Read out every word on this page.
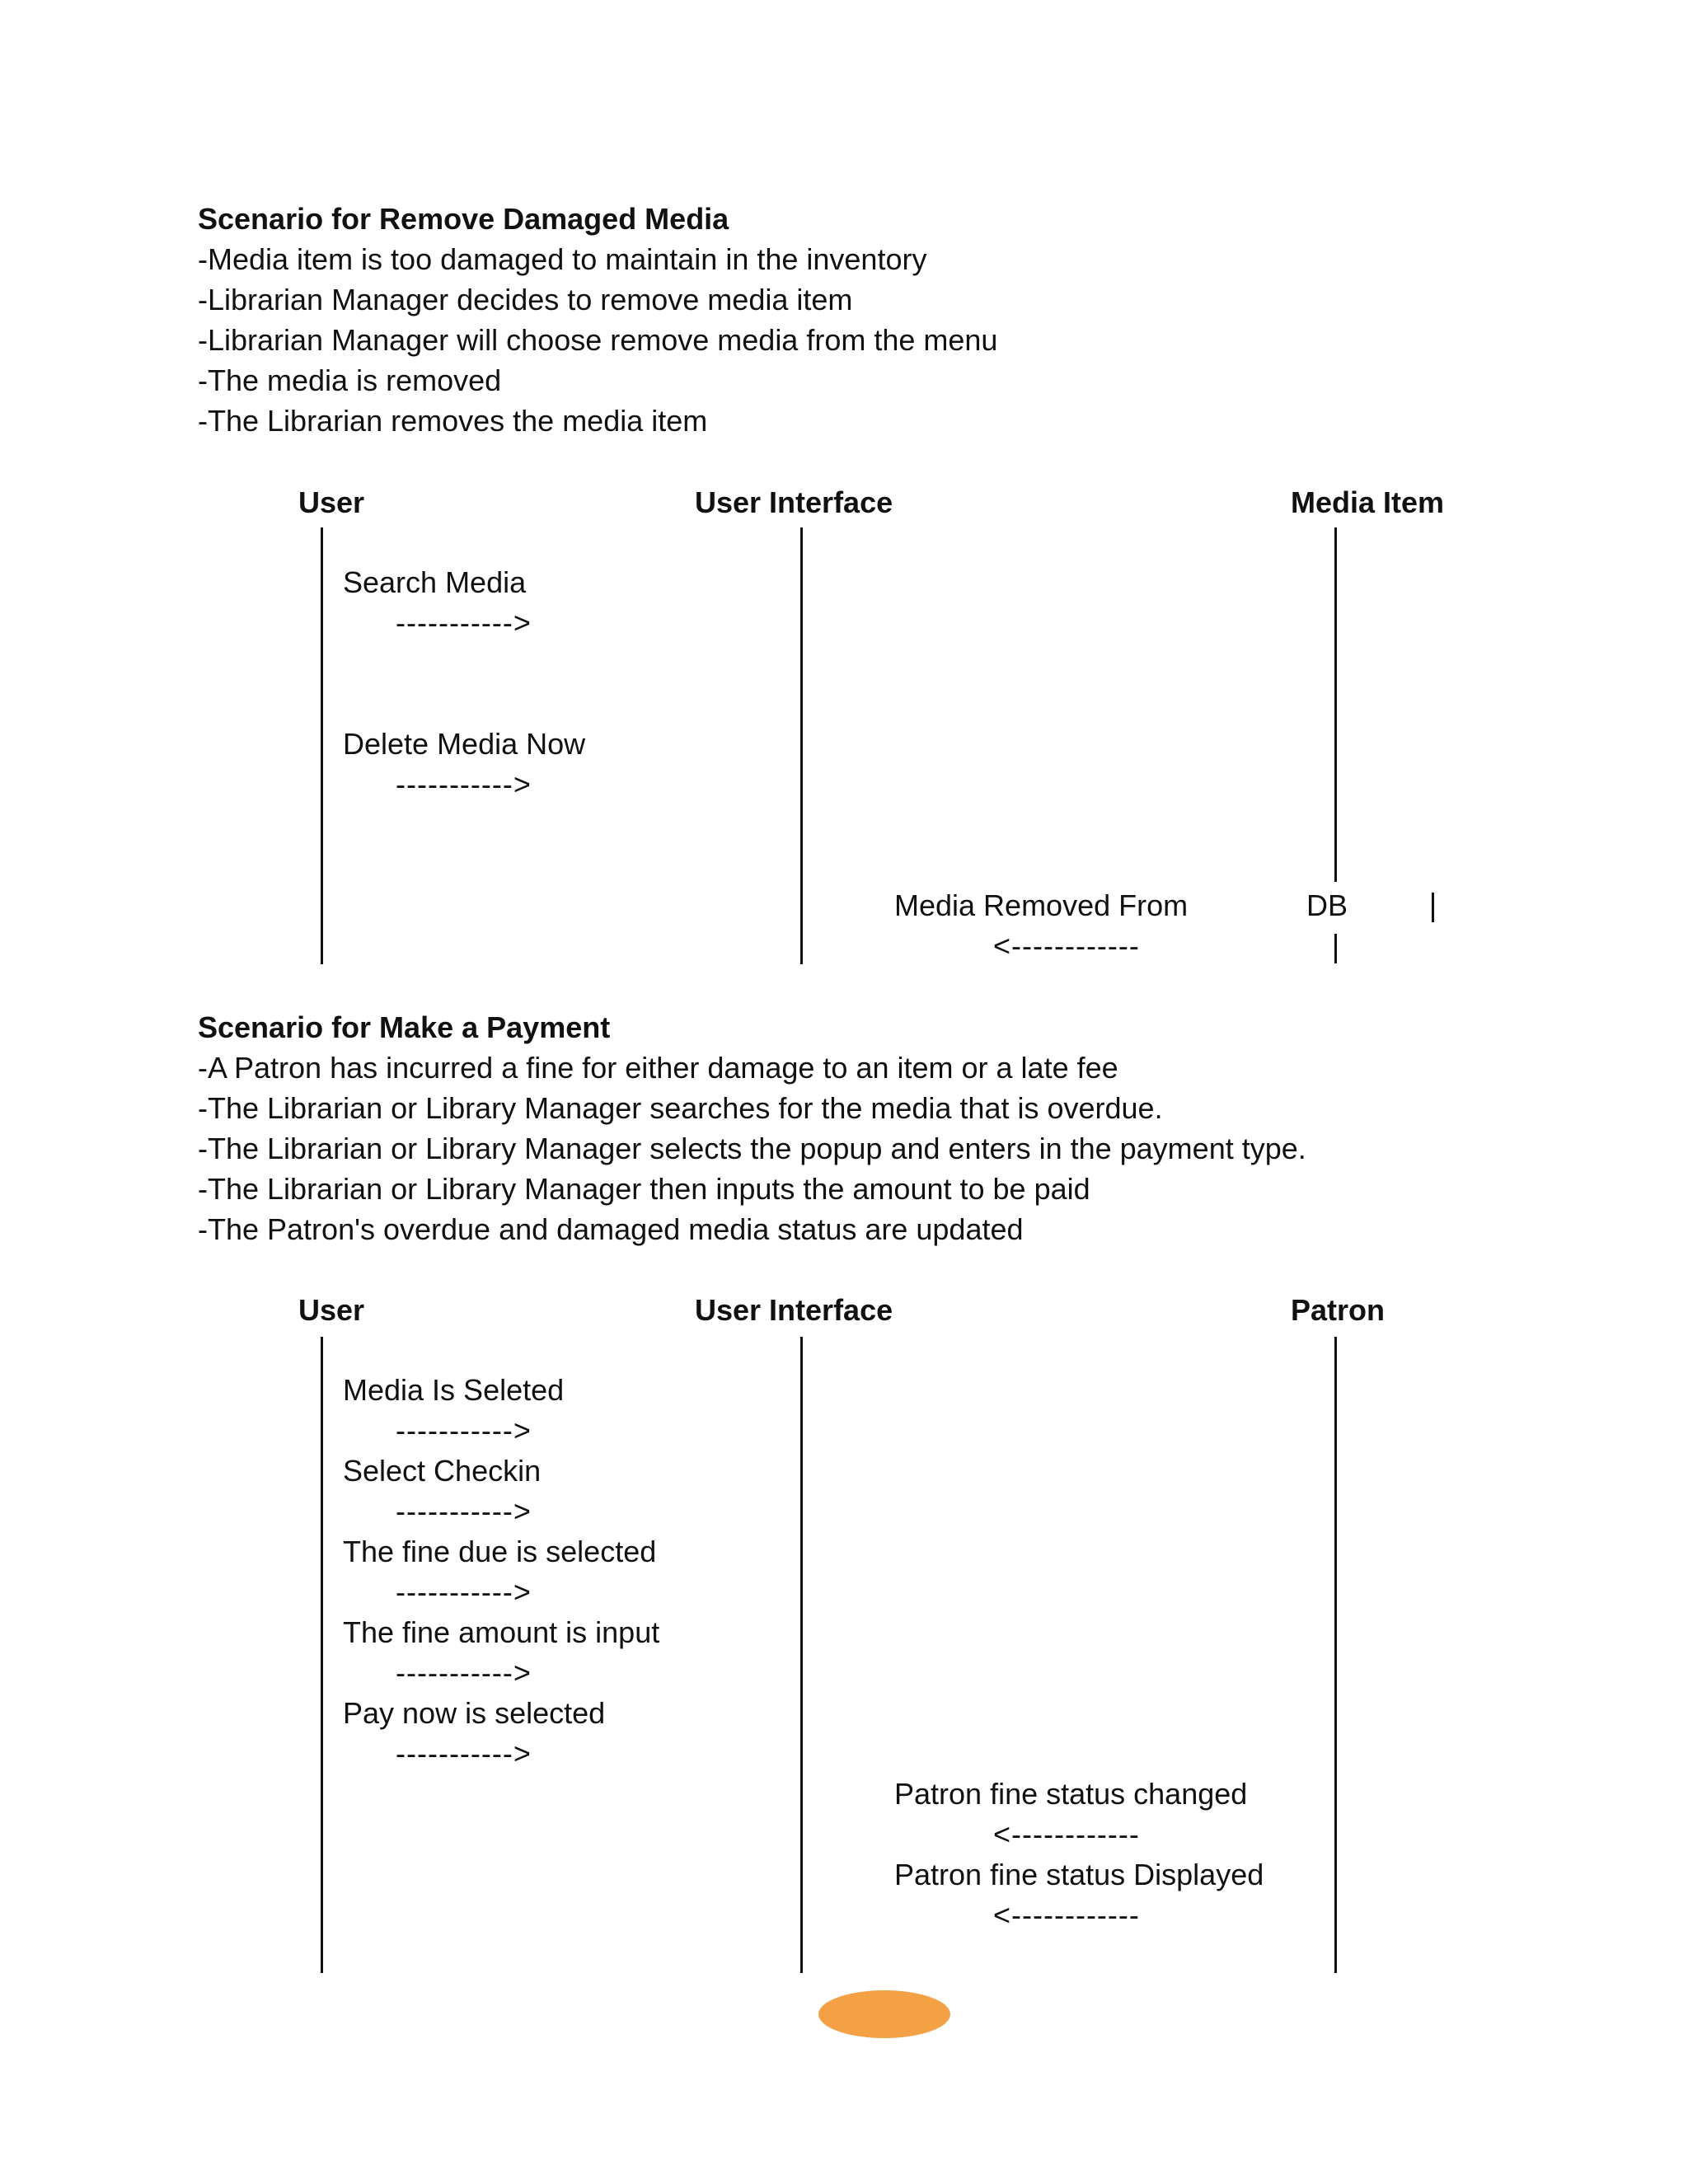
Scenario for Remove Damaged Media
-Media item is too damaged to maintain in the inventory
-Librarian Manager decides to remove media item
-Librarian Manager will choose remove media from the menu
-The media is removed
-The Librarian removes the media item
User	User Interface	Media Item
Search Media
----------->
Delete Media Now
----------->
Media Removed From	DB
<------------
Scenario for Make a Payment
-A Patron has incurred a fine for either damage to an item or a late fee
-The Librarian or Library Manager searches for the media that is overdue.
-The Librarian or Library Manager selects the popup and enters in the payment type.
-The Librarian or Library Manager then inputs the amount to be paid
-The Patron's overdue and damaged media status are updated
User	User Interface	Patron
Media Is Seleted
----------->
Select Checkin
----------->
The fine due is selected
----------->
The fine amount is input
----------->
Pay now is selected
----------->
Patron fine status changed
<------------
Patron fine status Displayed
<------------
